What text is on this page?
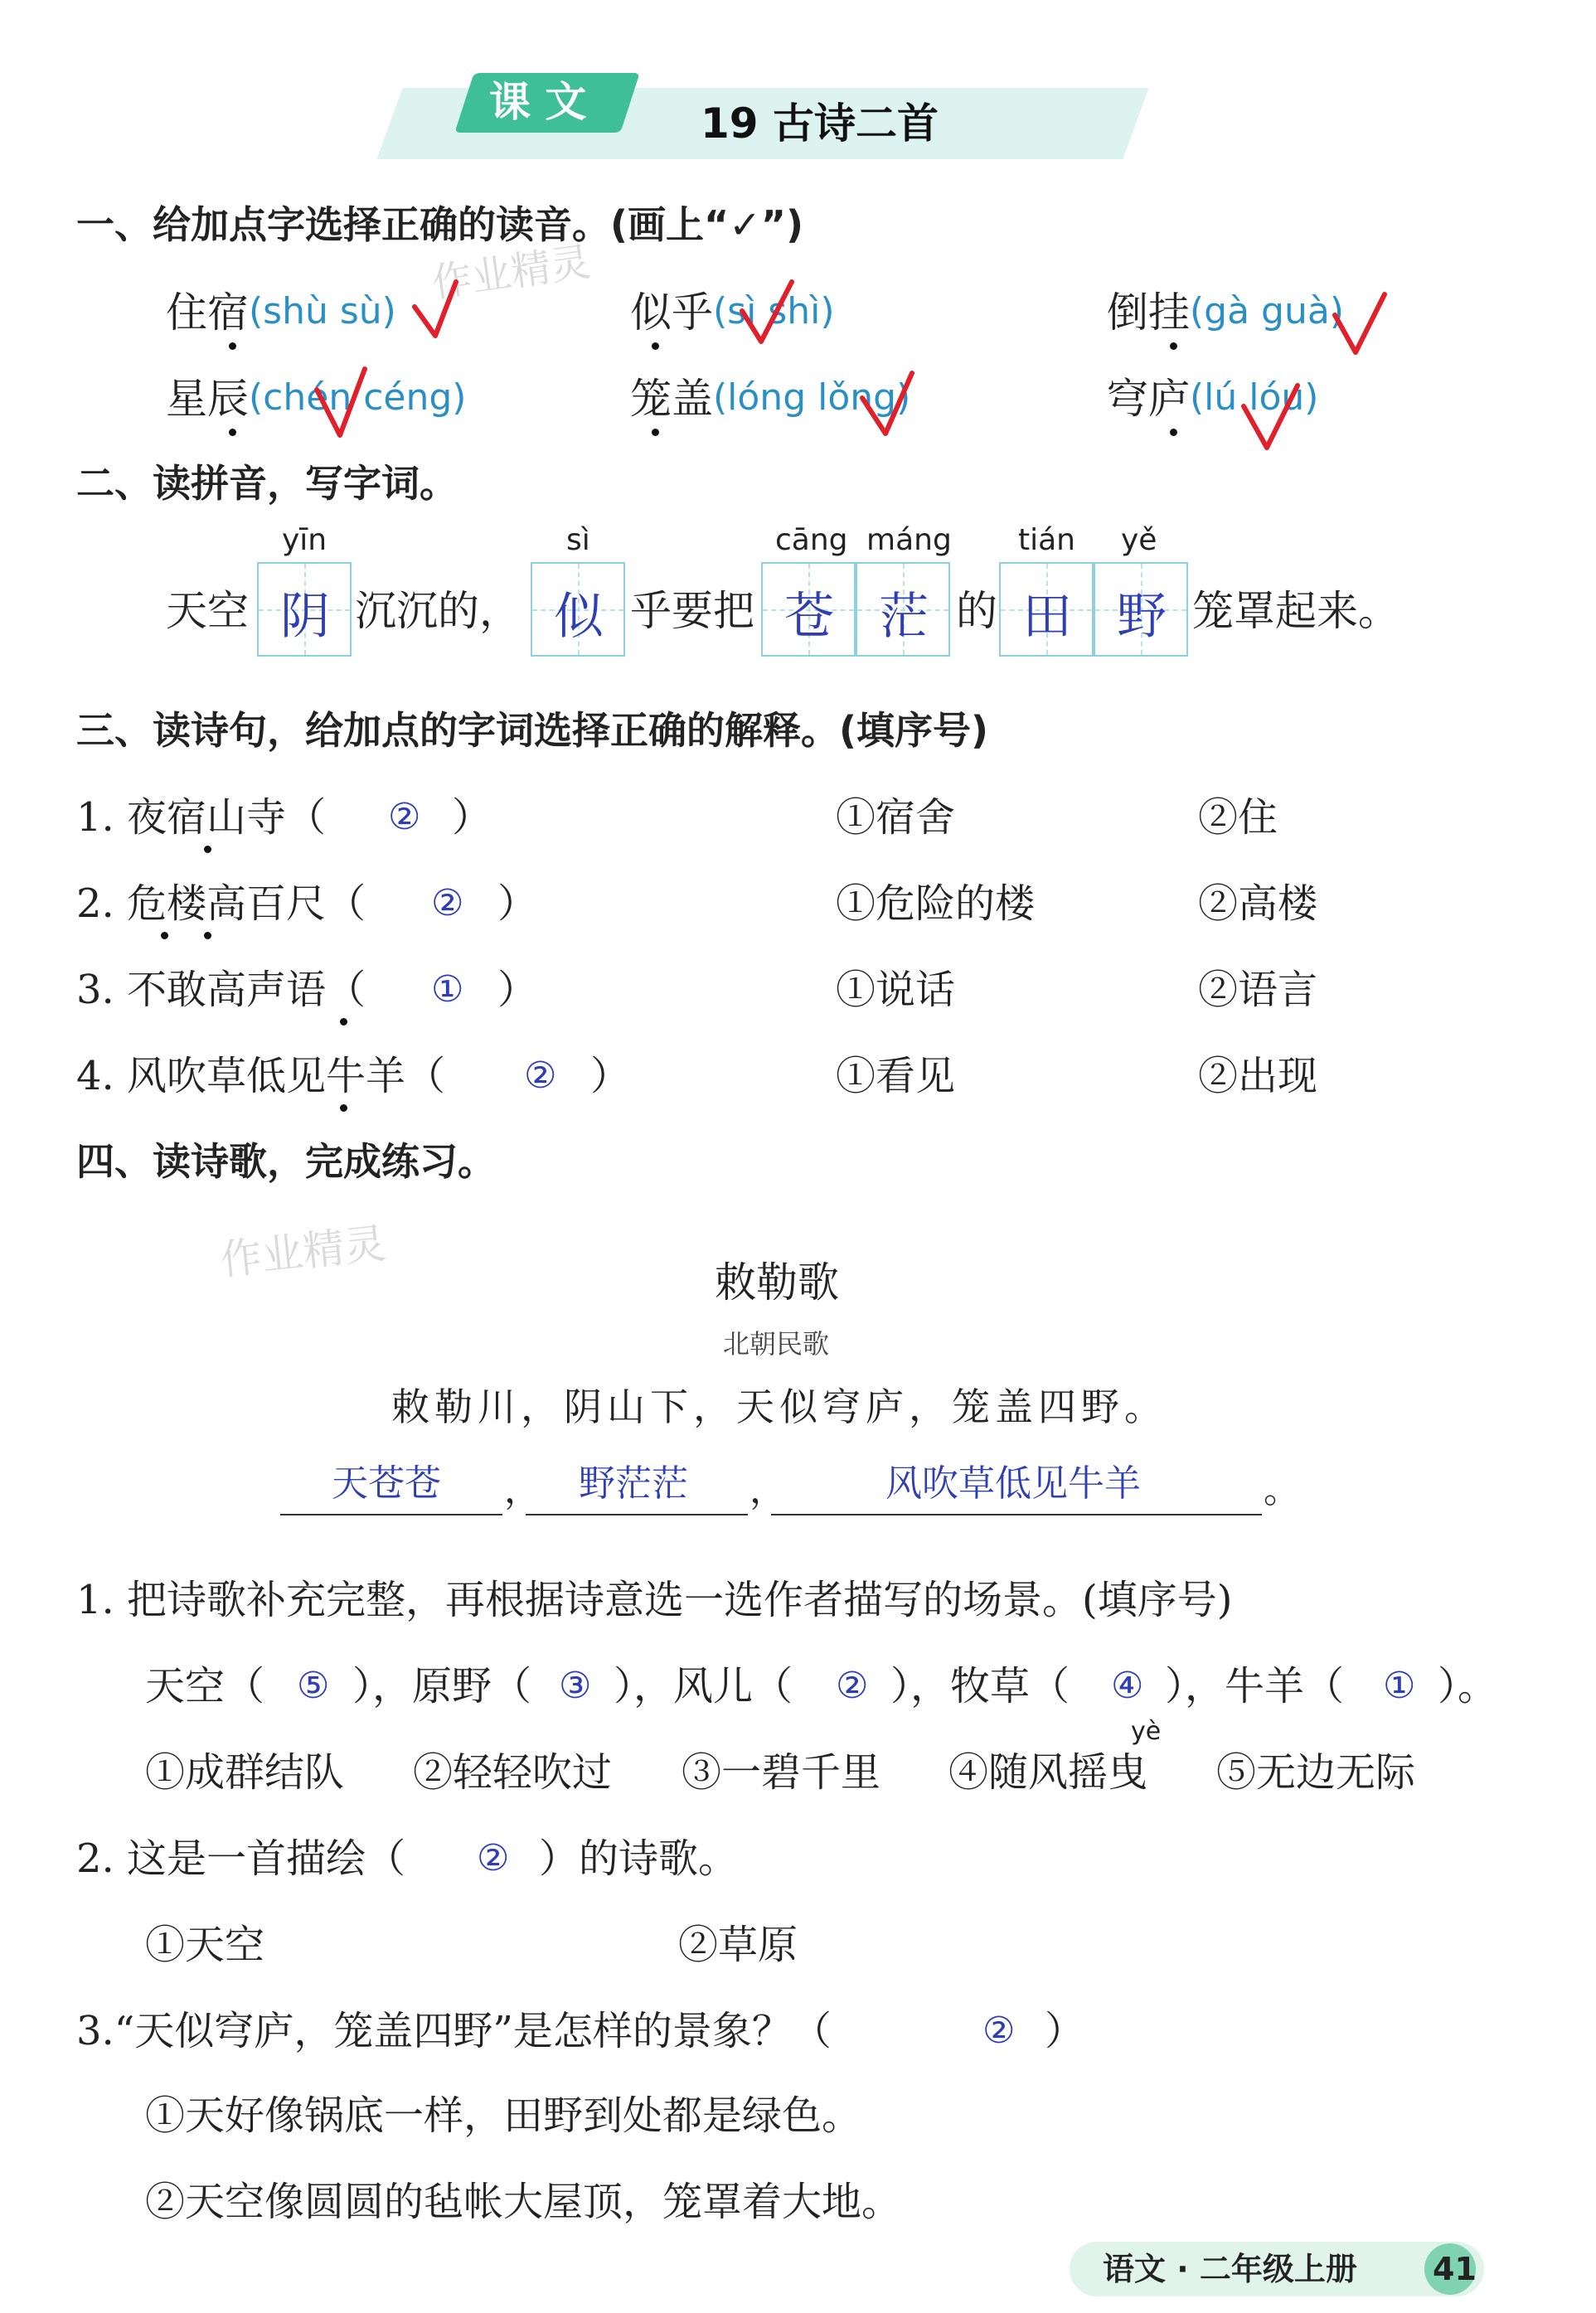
课 文	19 古诗二首
一、给加点字选择正确的读音。(画上“✓”)
作业精灵
住宿 (shù sù)	似乎 (sì shì)	倒挂 (gà guà)
星辰 (chén céng)	笼盖 (lóng lǒng)	穹庐 (lú lóu)
二、读拼音，写字词。
yīn	sì	cāng máng tián yě
天空 阴 沉沉的， 似 乎要把 苍 茫 的 田 野 笼罩起来。
三、读诗句，给加点的字词选择正确的解释。(填序号)
1. 夜宿山寺（ ② ）	①宿舍	②住
2. 危楼高百尺（ ② ）	①危险的楼	②高楼
3. 不敢高声语（ ① ）	①说话	②语言
4. 风吹草低见牛羊（ ② ）	①看见	②出现
四、读诗歌，完成练习。
作业精灵	敕勒歌
北朝民歌
敕勒川，阴山下，天似穹庐，笼盖四野。
天苍苍 ， 野茫茫 ，	风吹草低见牛羊	。
1. 把诗歌补充完整，再根据诗意选一选作者描写的场景。(填序号)
天空（ ⑤ ），原野（ ③ ），风儿（ ② ），牧草（ ④ ），牛羊（ ① ）。
yè
①成群结队 ②轻轻吹过 ③一碧千里 ④随风摇曳 ⑤无边无际
2. 这是一首描绘（ ② ）的诗歌。
①天空	②草原
3.“天似穹庐，笼盖四野”是怎样的景象？（	② ）
①天好像锅底一样，田野到处都是绿色。
②天空像圆圆的毡帐大屋顶，笼罩着大地。
语文 · 二年级上册 41
